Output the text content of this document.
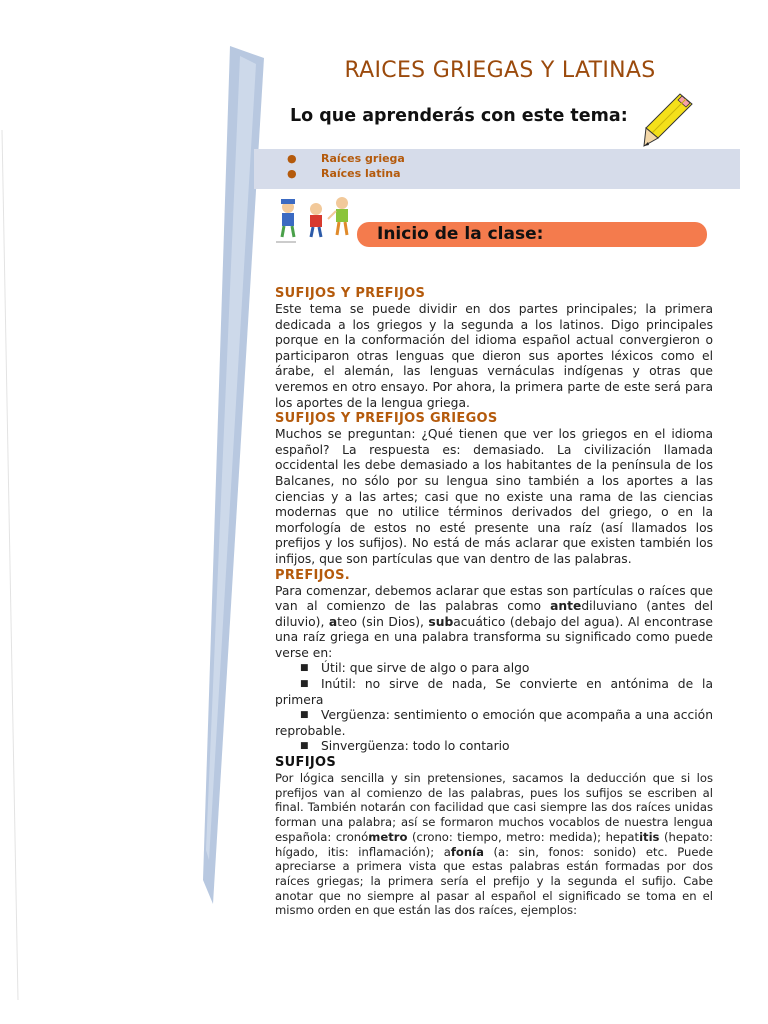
RAICES GRIEGAS Y LATINAS
Lo que aprenderás con este tema:
● Raíces griega
● Raíces latina
Inicio de la clase:
SUFIJOS Y PREFIJOS

Este tema se puede dividir en dos partes principales; la primera dedicada a los griegos y la segunda a los latinos. Digo principales porque en la conformación del idioma español actual convergieron o participaron otras lenguas que dieron sus aportes léxicos como el árabe, el alemán, las lenguas vernáculas indígenas y otras que veremos en otro ensayo. Por ahora, la primera parte de este será para los aportes de la lengua griega.

SUFIJOS Y PREFIJOS GRIEGOS

Muchos se preguntan: ¿Qué tienen que ver los griegos en el idioma español? La respuesta es: demasiado. La civilización llamada occidental les debe demasiado a los habitantes de la península de los Balcanes, no sólo por su lengua sino también a los aportes a las ciencias y a las artes; casi que no existe una rama de las ciencias modernas que no utilice términos derivados del griego, o en la morfología de estos no esté presente una raíz (así llamados los prefijos y los sufijos). No está de más aclarar que existen también los infijos, que son partículas que van dentro de las palabras.

PREFIJOS.

Para comenzar, debemos aclarar que estas son partículas o raíces que van al comienzo de las palabras como antediluviano (antes del diluvio), ateo (sin Dios), subacuático (debajo del agua). Al encontrase una raíz griega en una palabra transforma su significado como puede verse en:

■ Útil: que sirve de algo o para algo
■ Inútil: no sirve de nada, Se convierte en antónima de la primera
■ Vergüenza: sentimiento o emoción que acompaña a una acción reprobable.
■ Sinvergüenza: todo lo contario
SUFIJOS

Por lógica sencilla y sin pretensiones, sacamos la deducción que si los prefijos van al comienzo de las palabras, pues los sufijos se escriben al final. También notarán con facilidad que casi siempre las dos raíces unidas forman una palabra; así se formaron muchos vocablos de nuestra lengua española: cronómetro (crono: tiempo, metro: medida); hepatitis (hepato: hígado, itis: inflamación); afonía (a: sin, fonos: sonido) etc. Puede apreciarse a primera vista que estas palabras están formadas por dos raíces griegas; la primera sería el prefijo y la segunda el sufijo. Cabe anotar que no siempre al pasar al español el significado se toma en el mismo orden en que están las dos raíces, ejemplos:
